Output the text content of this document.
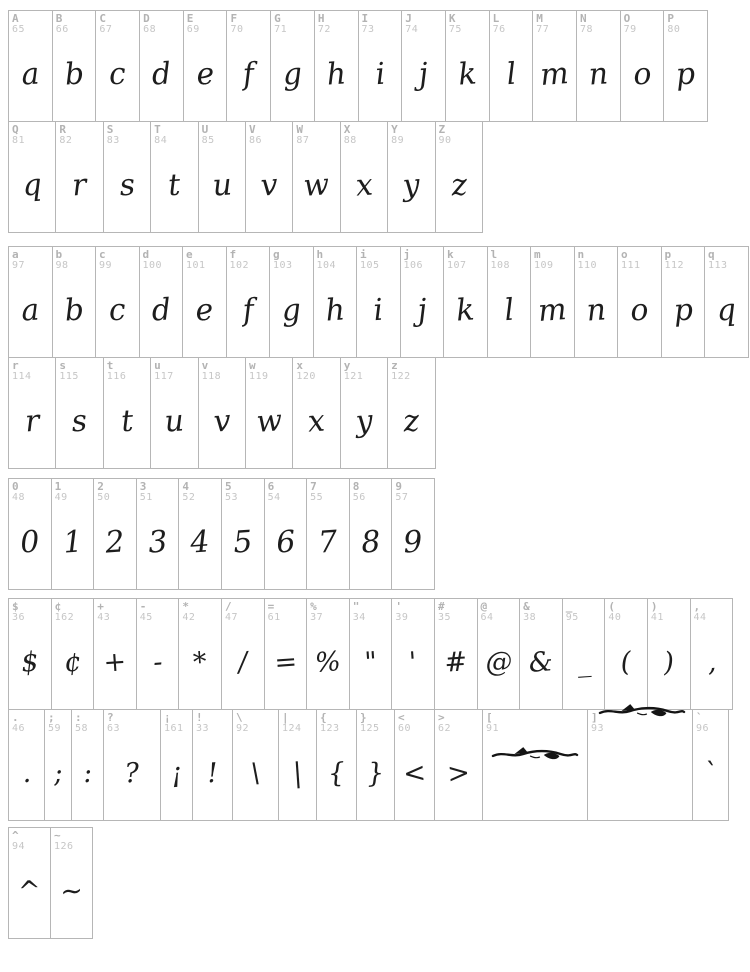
A
65
a
B
66
b
C
67
c
D
68
d
E
69
e
F
70
f
G
71
g
H
72
h
I
73
i
J
74
j
K
75
k
L
76
l
M
77
m
N
78
n
O
79
o
P
80
p
Q
81
q
R
82
r
S
83
s
T
84
t
U
85
u
V
86
v
W
87
w
X
88
x
Y
89
y
Z
90
z
a
97
a
b
98
b
c
99
c
d
100
d
e
101
e
f
102
f
g
103
g
h
104
h
i
105
i
j
106
j
k
107
k
l
108
l
m
109
m
n
110
n
o
111
o
p
112
p
q
113
q
r
114
r
s
115
s
t
116
t
u
117
u
v
118
v
w
119
w
x
120
x
y
121
y
z
122
z
0
48
0
1
49
1
2
50
2
3
51
3
4
52
4
5
53
5
6
54
6
7
55
7
8
56
8
9
57
9
$
36
$
¢
162
¢
+
43
+
-
45
-
*
42
*
/
47
/
=
61
=
%
37
%
"
34
"
'
39
'
#
35
#
@
64
@
&
38
&
_
95
_
(
40
(
)
41
)
,
44
,
.
46
.
;
59
;
:
58
:
?
63
?
¡
161
¡
!
33
!
\
92
\
|
124
|
{
123
{
}
125
}
<
60
<
>
62
>
[
91
]
93
`
96
`
^
94
^
~
126
~
